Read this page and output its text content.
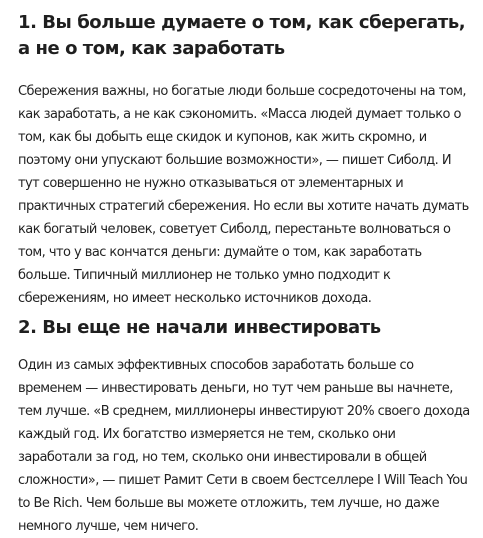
1. Вы больше думаете о том, как сберегать, а не о том, как заработать

Сбережения важны, но богатые люди больше сосредоточены на том, как заработать, а не как сэкономить. «Масса людей думает только о том, как бы добыть еще скидок и купонов, как жить скромно, и поэтому они упускают большие возможности», — пишет Сиболд. И тут совершенно не нужно отказываться от элементарных и практичных стратегий сбережения. Но если вы хотите начать думать как богатый человек, советует Сиболд, перестаньте волноваться о том, что у вас кончатся деньги: думайте о том, как заработать больше. Типичный миллионер не только умно подходит к сбережениям, но имеет несколько источников дохода.

2. Вы еще не начали инвестировать

Один из самых эффективных способов заработать больше со временем — инвестировать деньги, но тут чем раньше вы начнете, тем лучше. «В среднем, миллионеры инвестируют 20% своего дохода каждый год. Их богатство измеряется не тем, сколько они заработали за год, но тем, сколько они инвестировали в общей сложности», — пишет Рамит Сети в своем бестселлере I Will Teach You to Be Rich. Чем больше вы можете отложить, тем лучше, но даже немного лучше, чем ничего.
